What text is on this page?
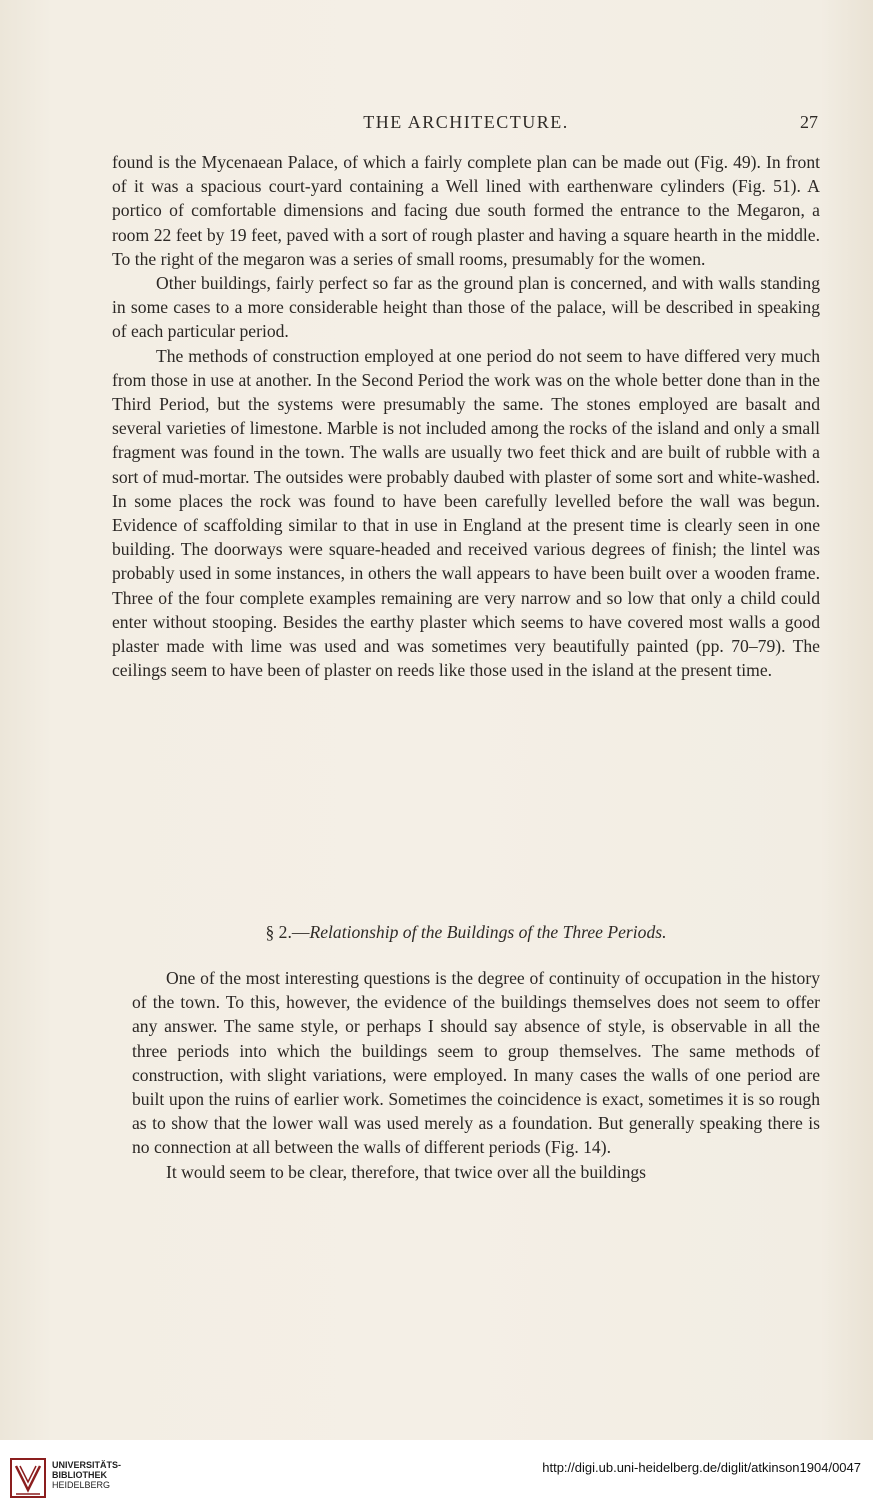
THE ARCHITECTURE.	27

found is the Mycenaean Palace, of which a fairly complete plan can be made out (Fig. 49). In front of it was a spacious court-yard containing a Well lined with earthenware cylinders (Fig. 51). A portico of comfortable dimensions and facing due south formed the entrance to the Megaron, a room 22 feet by 19 feet, paved with a sort of rough plaster and having a square hearth in the middle. To the right of the megaron was a series of small rooms, presumably for the women.

Other buildings, fairly perfect so far as the ground plan is concerned, and with walls standing in some cases to a more considerable height than those of the palace, will be described in speaking of each particular period.

The methods of construction employed at one period do not seem to have differed very much from those in use at another. In the Second Period the work was on the whole better done than in the Third Period, but the systems were presumably the same. The stones employed are basalt and several varieties of limestone. Marble is not included among the rocks of the island and only a small fragment was found in the town. The walls are usually two feet thick and are built of rubble with a sort of mud-mortar. The outsides were probably daubed with plaster of some sort and white-washed. In some places the rock was found to have been carefully levelled before the wall was begun. Evidence of scaffolding similar to that in use in England at the present time is clearly seen in one building. The doorways were square-headed and received various degrees of finish; the lintel was probably used in some instances, in others the wall appears to have been built over a wooden frame. Three of the four complete examples remaining are very narrow and so low that only a child could enter without stooping. Besides the earthy plaster which seems to have covered most walls a good plaster made with lime was used and was sometimes very beautifully painted (pp. 70–79). The ceilings seem to have been of plaster on reeds like those used in the island at the present time.

§ 2.—Relationship of the Buildings of the Three Periods.

One of the most interesting questions is the degree of continuity of occupation in the history of the town. To this, however, the evidence of the buildings themselves does not seem to offer any answer. The same style, or perhaps I should say absence of style, is observable in all the three periods into which the buildings seem to group themselves. The same methods of construction, with slight variations, were employed. In many cases the walls of one period are built upon the ruins of earlier work. Sometimes the coincidence is exact, sometimes it is so rough as to show that the lower wall was used merely as a foundation. But generally speaking there is no connection at all between the walls of different periods (Fig. 14).

It would seem to be clear, therefore, that twice over all the buildings

UNIVERSITÄTS-
BIBLIOTHEK
HEIDELBERG
http://digi.ub.uni-heidelberg.de/diglit/atkinson1904/0047
